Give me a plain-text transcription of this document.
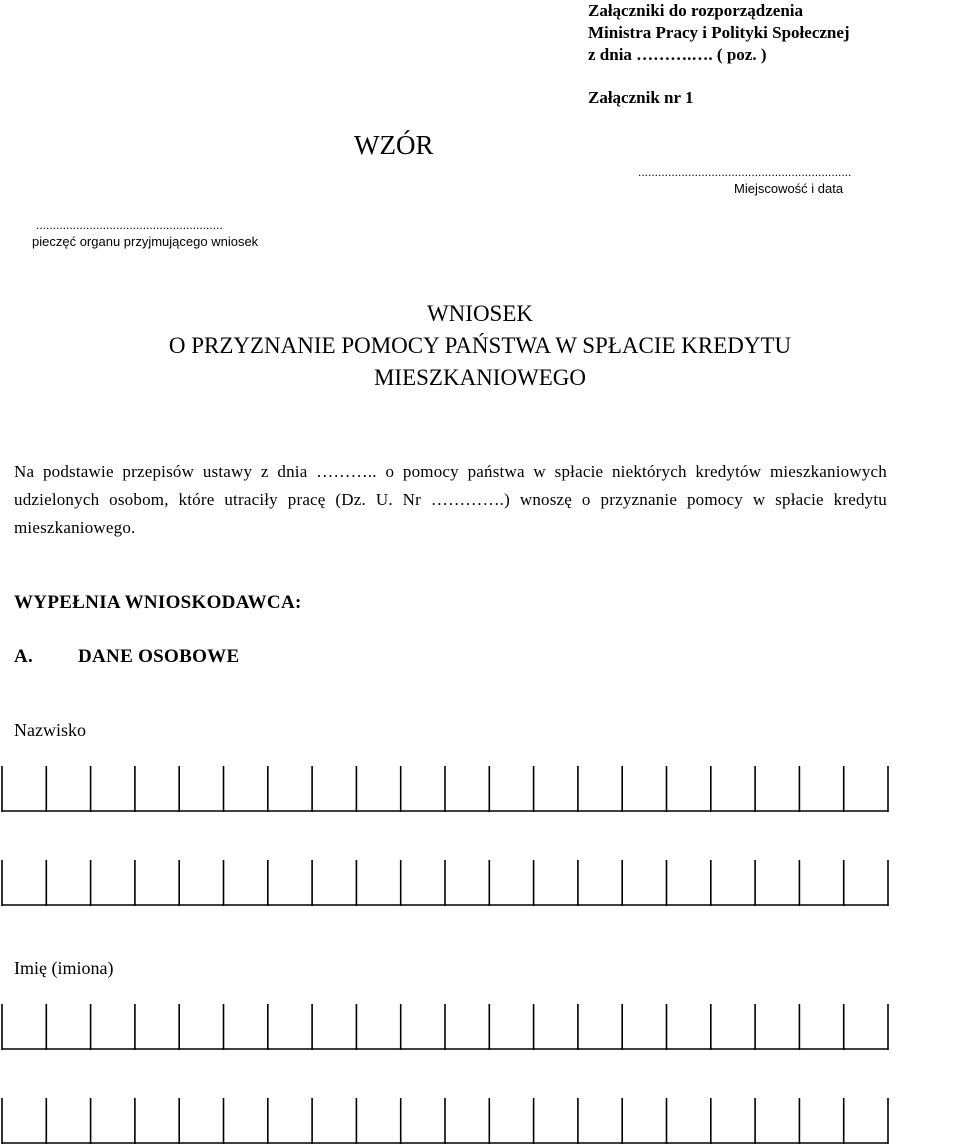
Załączniki do rozporządzenia
Ministra Pracy i Polityki Społecznej
z dnia ……….…. ( poz. )
Załącznik nr 1
WZÓR
................................................................
Miejscowość i data
........................................................
pieczęć organu przyjmującego wniosek
WNIOSEK
O PRZYZNANIE POMOCY PAŃSTWA W SPŁACIE KREDYTU
MIESZKANIOWEGO
Na podstawie przepisów ustawy z dnia ……….. o pomocy państwa w spłacie niektórych kredytów mieszkaniowych udzielonych osobom, które utraciły pracę (Dz. U. Nr ………….) wnoszę o przyznanie pomocy w spłacie kredytu mieszkaniowego.
WYPEŁNIA WNIOSKODAWCA:
A. DANE OSOBOWE
Nazwisko
Imię (imiona)
